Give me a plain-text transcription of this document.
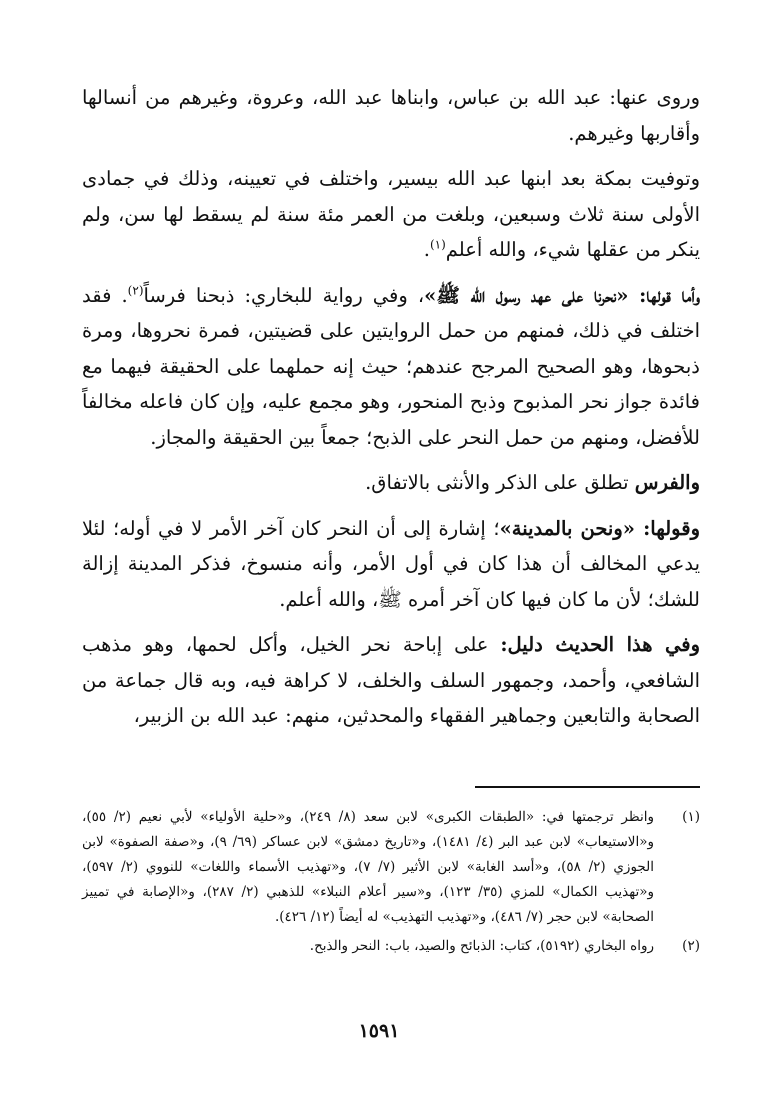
وروى عنها: عبد الله بن عباس، وابناها عبد الله، وعروة، وغيرهم من أنسالها وأقاربها وغيرهم.

وتوفيت بمكة بعد ابنها عبد الله بيسير، واختلف في تعيينه، وذلك في جمادى الأولى سنة ثلاث وسبعين، وبلغت من العمر مئة سنة لم يسقط لها سن، ولم ينكر من عقلها شيء، والله أعلم$^{(١)}$.

وأما قولها: «نحرنا على عهد رسول الله ﷺ»، وفي رواية للبخاري: ذبحنا فرساً$^{(٢)}$. فقد اختلف في ذلك، فمنهم من حمل الروايتين على قضيتين، فمرة نحروها، ومرة ذبحوها، وهو الصحيح المرجح عندهم؛ حيث إنه حملهما على الحقيقة فيهما مع فائدة جواز نحر المذبوح وذبح المنحور، وهو مجمع عليه، وإن كان فاعله مخالفاً للأفضل، ومنهم من حمل النحر على الذبح؛ جمعاً بين الحقيقة والمجاز.

والفرس تطلق على الذكر والأنثى بالاتفاق.

وقولها: «ونحن بالمدينة»؛ إشارة إلى أن النحر كان آخر الأمر لا في أوله؛ لئلا يدعي المخالف أن هذا كان في أول الأمر، وأنه منسوخ، فذكر المدينة إزالة للشك؛ لأن ما كان فيها كان آخر أمره ﷺ، والله أعلم.

وفي هذا الحديث دليل: على إباحة نحر الخيل، وأكل لحمها، وهو مذهب الشافعي، وأحمد، وجمهور السلف والخلف، لا كراهة فيه، وبه قال جماعة من الصحابة والتابعين وجماهير الفقهاء والمحدثين، منهم: عبد الله بن الزبير،

(١)
وانظر ترجمتها في: «الطبقات الكبرى» لابن سعد (٨/ ٢٤٩)، و«حلية الأولياء» لأبي نعيم (٢/ ٥٥)، و«الاستيعاب» لابن عبد البر (٤/ ١٤٨١)، و«تاريخ دمشق» لابن عساكر (٦٩/ ٩)، و«صفة الصفوة» لابن الجوزي (٢/ ٥٨)، و«أسد الغابة» لابن الأثير (٧/ ٧)، و«تهذيب الأسماء واللغات» للنووي (٢/ ٥٩٧)، و«تهذيب الكمال» للمزي (٣٥/ ١٢٣)، و«سير أعلام النبلاء» للذهبي (٢/ ٢٨٧)، و«الإصابة في تمييز الصحابة» لابن حجر (٧/ ٤٨٦)، و«تهذيب التهذيب» له أيضاً (١٢/ ٤٢٦).
(٢)
رواه البخاري (٥١٩٢)، كتاب: الذبائح والصيد، باب: النحر والذبح.
١٥٩١
